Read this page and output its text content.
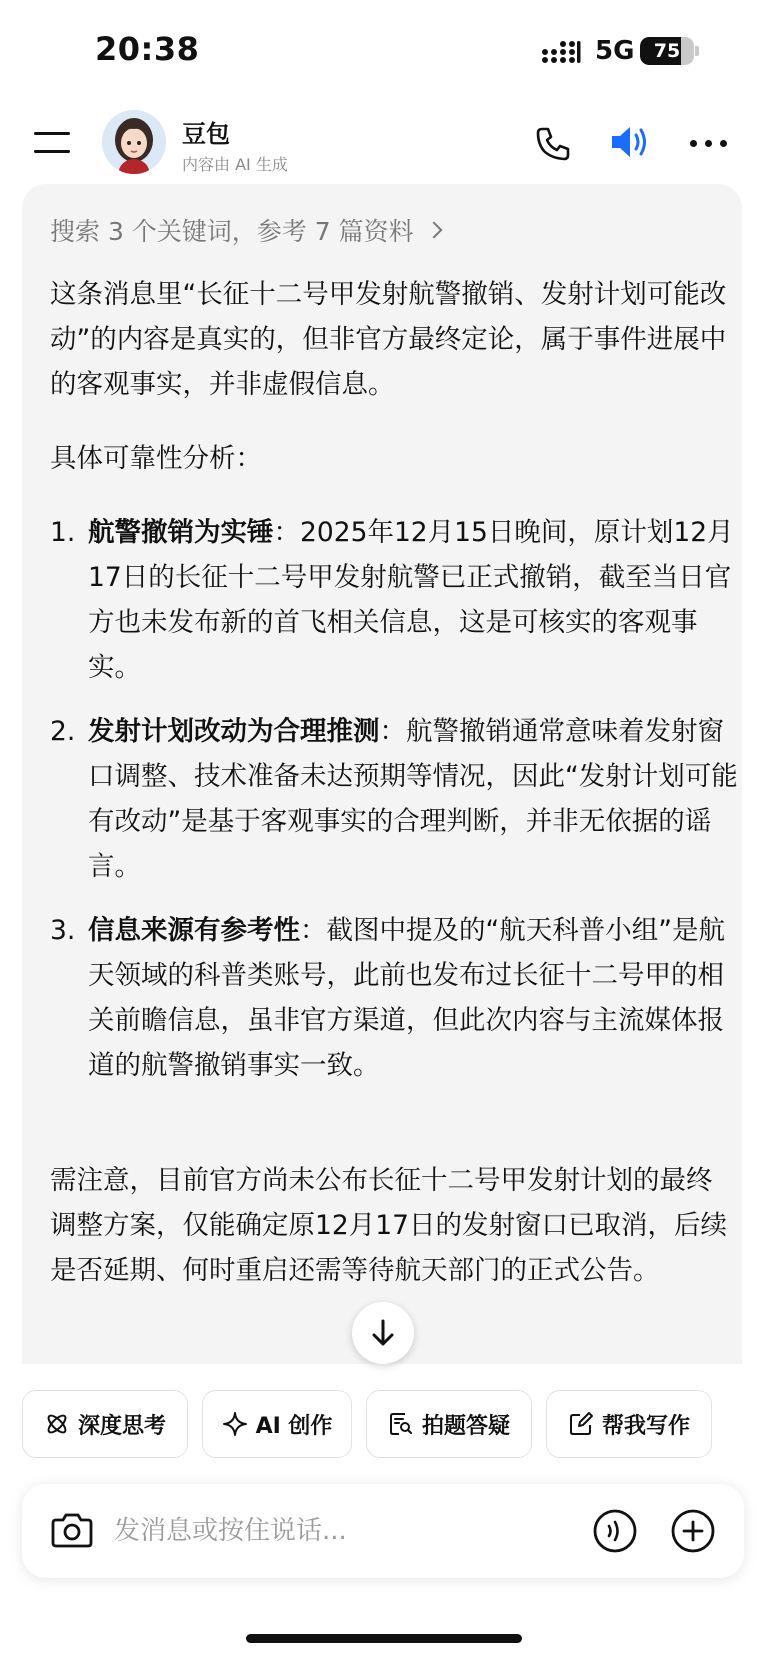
20:38	5G	75
豆包
内容由 AI 生成
搜索 3 个关键词，参考 7 篇资料
这条消息里“长征十二号甲发射航警撤销、发射计划可能改动”的内容是真实的，但非官方最终定论，属于事件进展中的客观事实，并非虚假信息。
具体可靠性分析：
1. 航警撤销为实锤：2025年12月15日晚间，原计划12月17日的长征十二号甲发射航警已正式撤销，截至当日官方也未发布新的首飞相关信息，这是可核实的客观事实。
2. 发射计划改动为合理推测：航警撤销通常意味着发射窗口调整、技术准备未达预期等情况，因此“发射计划可能有改动”是基于客观事实的合理判断，并非无依据的谣言。
3. 信息来源有参考性：截图中提及的“航天科普小组”是航天领域的科普类账号，此前也发布过长征十二号甲的相关前瞻信息，虽非官方渠道，但此次内容与主流媒体报道的航警撤销事实一致。
需注意，目前官方尚未公布长征十二号甲发射计划的最终调整方案，仅能确定原12月17日的发射窗口已取消，后续是否延期、何时重启还需等待航天部门的正式公告。
深度思考	AI 创作	拍题答疑	帮我写作
发消息或按住说话...
